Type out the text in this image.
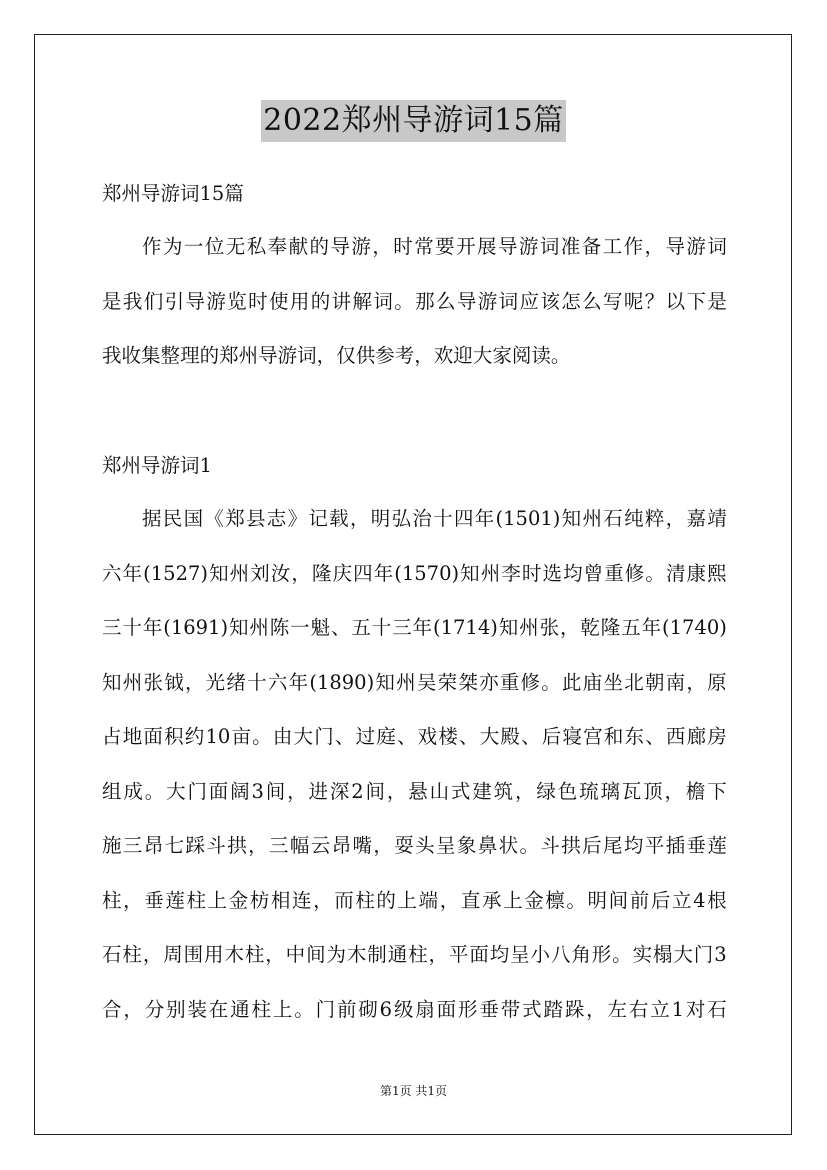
2022郑州导游词15篇
郑州导游词15篇

作 为 一 位 无 私 奉 献 的 导 游 ， 时 常 要 开 展 导 游 词 准 备 工 作 ， 导 游 词

是 我 们 引 导 游 览 时 使 用 的 讲 解 词 。 那 么 导 游 词 应 该 怎 么 写 呢 ？ 以 下 是

我 收 集 整 理 的 郑 州 导 游 词 ， 仅 供 参 考 ， 欢 迎 大 家 阅 读 。

郑州导游词1

据 民 国 《 郑 县 志 》 记 载 ， 明 弘 治 十 四 年 (1501) 知 州 石 纯 粹 ， 嘉 靖

六 年 (1527) 知 州 刘 汝 ， 隆 庆 四 年 (1570) 知 州 李 时 选 均 曾 重 修 。 清 康 熙

三 十 年 (1691) 知 州 陈 一 魁 、 五 十 三 年 (1714) 知 州 张 ， 乾 隆 五 年 (1740)

知 州 张 钺 ， 光 绪 十 六 年 (1890) 知 州 吴 荣 桀 亦 重 修 。 此 庙 坐 北 朝 南 ， 原

占 地 面 积 约 10 亩 。 由 大 门 、 过 庭 、 戏 楼 、 大 殿 、 后 寝 宫 和 东 、 西 廊 房

组 成 。 大 门 面 阔 3 间 ， 进 深 2 间 ， 悬 山 式 建 筑 ， 绿 色 琉 璃 瓦 顶 ， 檐 下

施 三 昂 七 踩 斗 拱 ， 三 幅 云 昂 嘴 ， 耍 头 呈 象 鼻 状 。 斗 拱 后 尾 均 平 插 垂 莲

柱 ， 垂 莲 柱 上 金 枋 相 连 ， 而 柱 的 上 端 ， 直 承 上 金 檩 。 明 间 前 后 立 4 根

石 柱 ， 周 围 用 木 柱 ， 中 间 为 木 制 通 柱 ， 平 面 均 呈 小 八 角 形 。 实 榻 大 门 3

合 ， 分 别 装 在 通 柱 上 。 门 前 砌 6 级 扇 面 形 垂 带 式 踏 跺 ， 左 右 立 1 对 石

第1页 共1页
